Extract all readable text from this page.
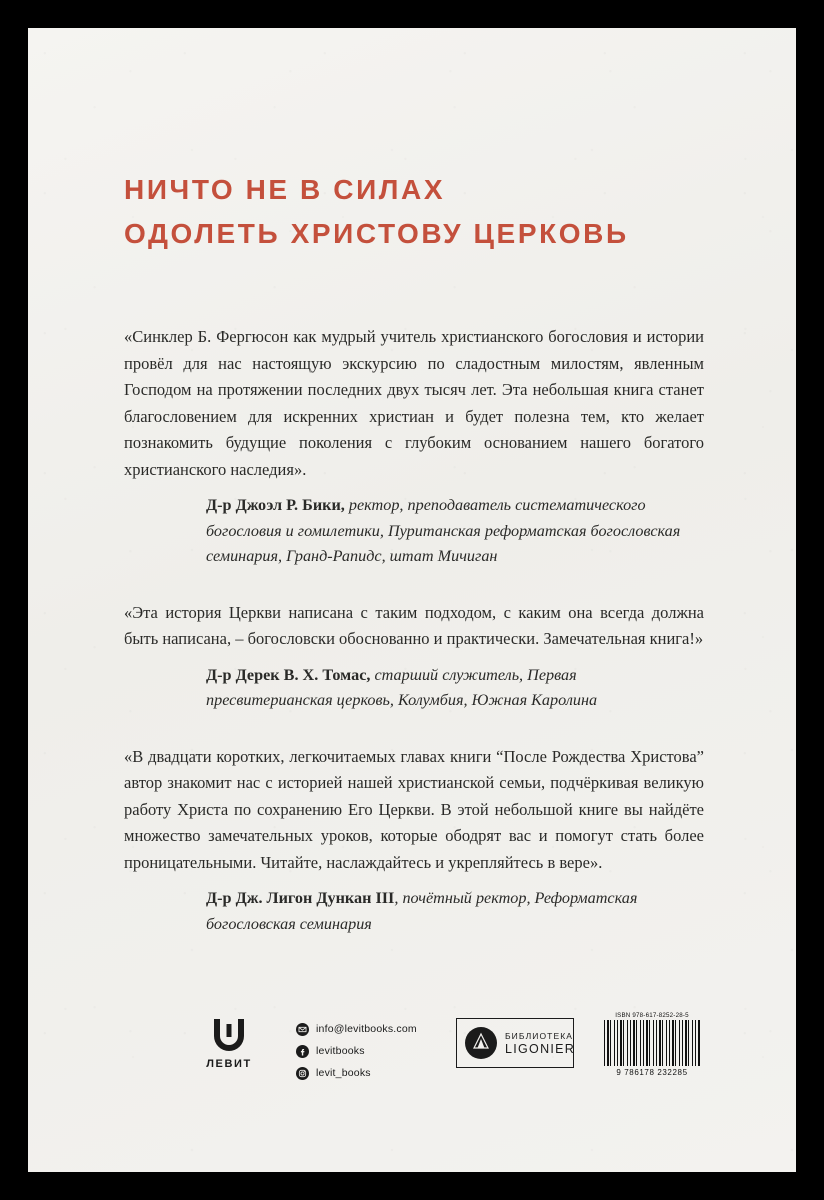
НИЧТО НЕ В СИЛАХ
ОДОЛЕТЬ ХРИСТОВУ ЦЕРКОВЬ

«Синклер Б. Фергюсон как мудрый учитель христианского богословия и истории провёл для нас настоящую экскурсию по сладостным милостям, явленным Господом на протяжении последних двух тысяч лет. Эта небольшая книга станет благословением для искренних христиан и будет полезна тем, кто желает познакомить будущие поколения с глубоким основанием нашего богатого христианского наследия».

Д-р Джоэл Р. Бики, ректор, преподаватель систематического богословия и гомилетики, Пуританская реформатская богословская семинария, Гранд-Рапидс, штат Мичиган

«Эта история Церкви написана с таким подходом, с каким она всегда должна быть написана, – богословски обоснованно и практически. Замечательная книга!»

Д-р Дерек В. Х. Томас, старший служитель, Первая пресвитерианская церковь, Колумбия, Южная Каролина

«В двадцати коротких, легкочитаемых главах книги “После Рождества Христова” автор знакомит нас с историей нашей христианской семьи, подчёркивая великую работу Христа по сохранению Его Церкви. В этой небольшой книге вы найдёте множество замечательных уроков, которые ободрят вас и помогут стать более проницательными. Читайте, наслаждайтесь и укрепляйтесь в вере».

Д-р Дж. Лигон Дункан III, почётный ректор, Реформатская богословская семинария

ЛЕВИТ
info@levitbooks.com
levitbooks
levit_books
БИБЛИОТЕКА
LIGONIER
ISBN 978-617-8252-28-5
9 786178 232285
